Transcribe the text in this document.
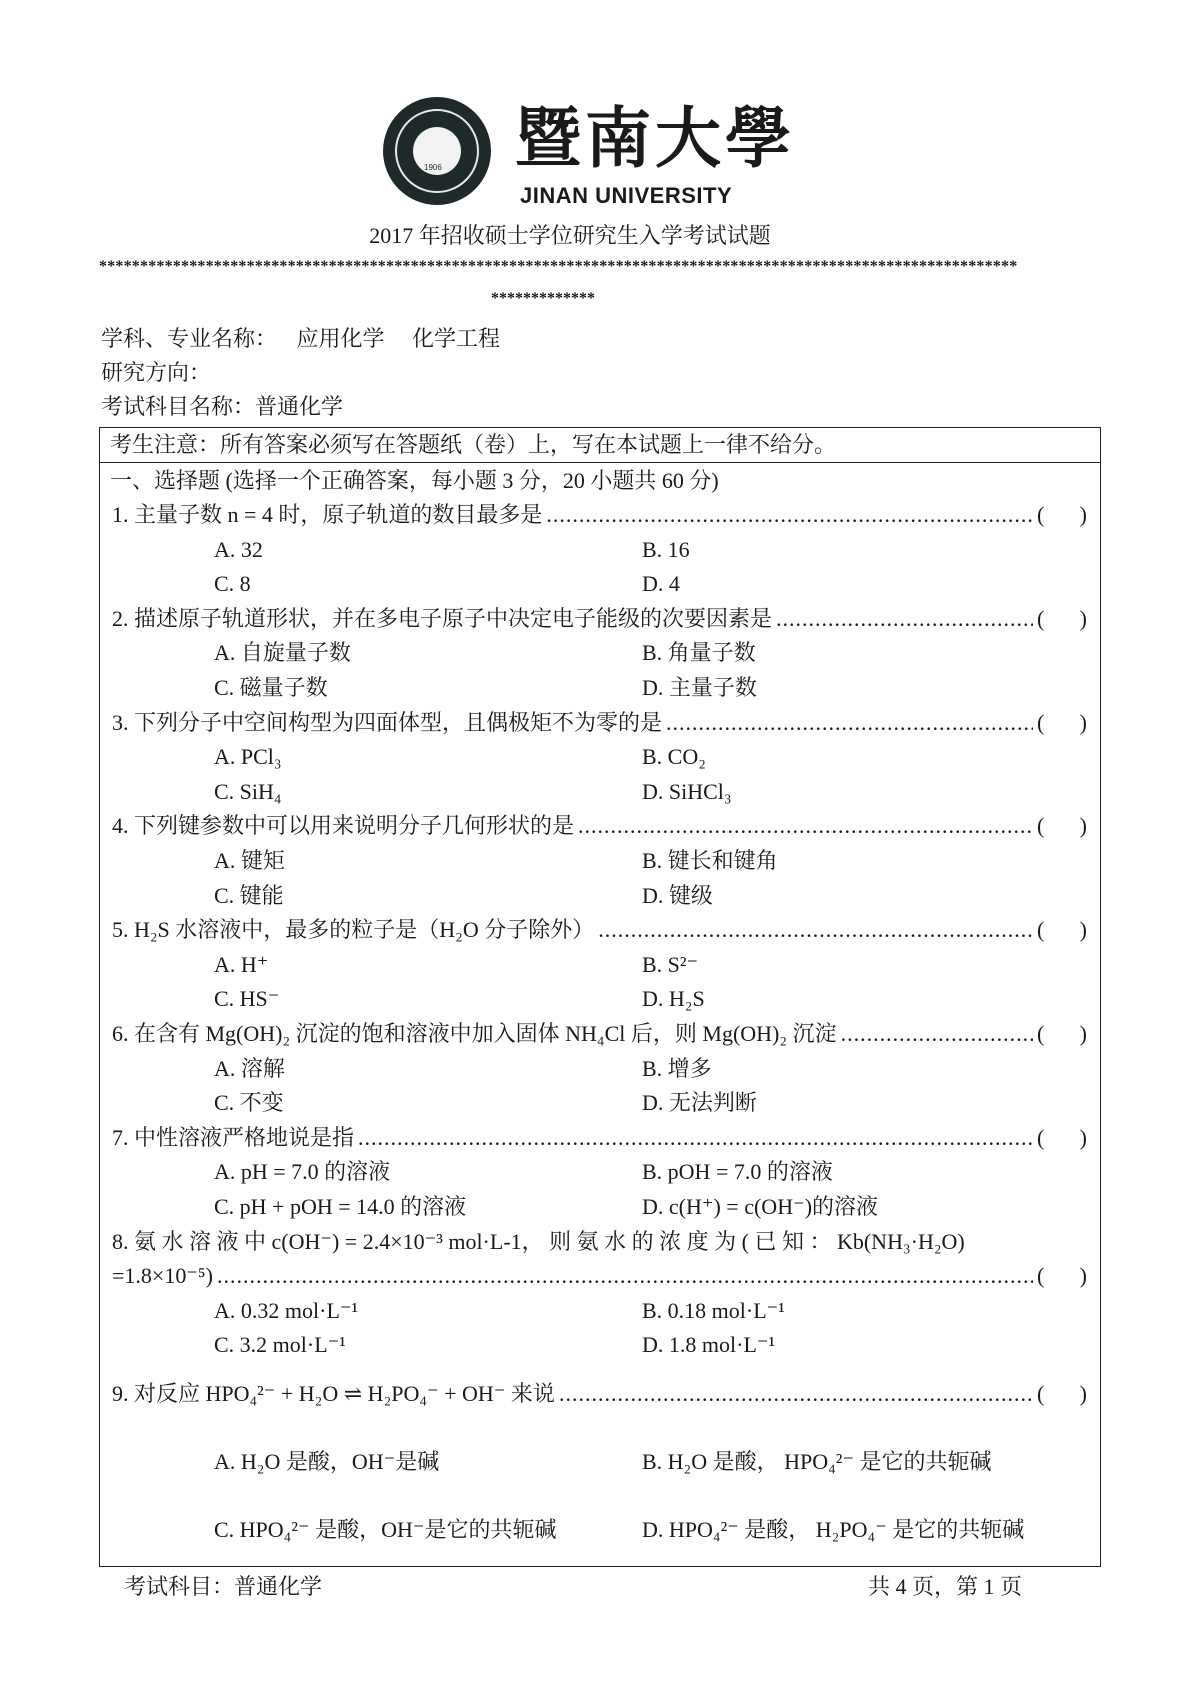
1906 暨南大學
JINAN UNIVERSITY
2017 年招收硕士学位研究生入学考试试题
****************************************************************************************************************
*************
学科、专业名称： 应用化学　 化学工程
研究方向：
考试科目名称：普通化学
考生注意：所有答案必须写在答题纸（卷）上，写在本试题上一律不给分。
一、选择题 (选择一个正确答案，每小题 3 分，20 小题共 60 分)
1. 主量子数 n = 4 时，原子轨道的数目最多是 .....	( )
A. 32	B. 16
C. 8	D. 4
2. 描述原子轨道形状，并在多电子原子中决定电子能级的次要因素是 .....	( )
A. 自旋量子数	B. 角量子数
C. 磁量子数	D. 主量子数
3. 下列分子中空间构型为四面体型，且偶极矩不为零的是 .....	( )
A. PCl₃	B. CO₂
C. SiH₄	D. SiHCl₃
4. 下列键参数中可以用来说明分子几何形状的是 .....	( )
A. 键矩	B. 键长和键角
C. 键能	D. 键级
5. H₂S 水溶液中，最多的粒子是（H₂O 分子除外） .....	( )
A. H⁺	B. S²⁻
C. HS⁻	D. H₂S
6. 在含有 Mg(OH)₂ 沉淀的饱和溶液中加入固体 NH₄Cl 后，则 Mg(OH)₂ 沉淀 .....	( )
A. 溶解	B. 增多
C. 不变	D. 无法判断
7. 中性溶液严格地说是指 .....	( )
A. pH = 7.0 的溶液	B. pOH = 7.0 的溶液
C. pH + pOH = 14.0 的溶液	D. c(H⁺) = c(OH⁻)的溶液
8. 氨 水 溶 液 中 c(OH⁻) = 2.4×10⁻³ mol·L-1， 则 氨 水 的 浓 度 为 ( 已 知 ： Kb(NH₃·H₂O)
=1.8×10⁻⁵) .....	( )
A. 0.32 mol·L⁻¹	B. 0.18 mol·L⁻¹
C. 3.2 mol·L⁻¹	D. 1.8 mol·L⁻¹
9. 对反应 HPO₄²⁻ + H₂O ⇌ H₂PO₄⁻ + OH⁻ 来说 .....	( )
A. H₂O 是酸，OH⁻是碱	B. H₂O 是酸， HPO₄²⁻ 是它的共轭碱
C. HPO₄²⁻ 是酸，OH⁻是它的共轭碱	D. HPO₄²⁻ 是酸， H₂PO₄⁻ 是它的共轭碱
考试科目：普通化学	共 4 页，第 1 页
